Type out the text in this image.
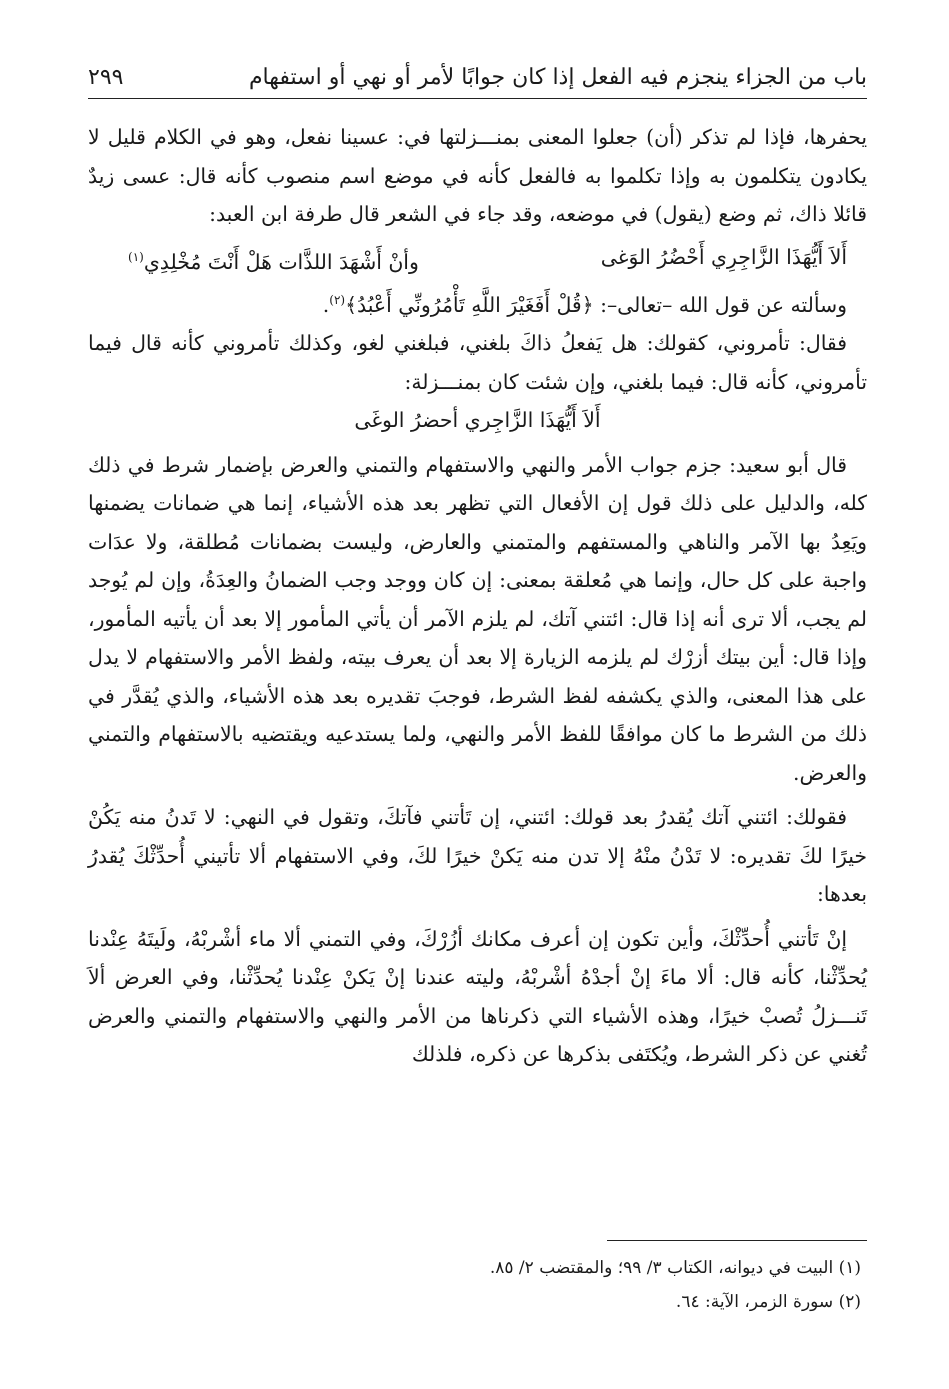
باب من الجزاء ينجزم فيه الفعل إذا كان جوابًا لأمر أو نهي أو استفهام
٢٩٩

يحفرها، فإذا لم تذكر (أن) جعلوا المعنى بمنـــزلتها في: عسينا نفعل، وهو في الكلام قليل لا يكادون يتكلمون به وإذا تكلموا به فالفعل كأنه في موضع اسم منصوب كأنه قال: عسى زيدٌ قائلا ذاك، ثم وضع (يقول) في موضعه، وقد جاء في الشعر قال طرفة ابن العبد:

أَلاَ أَيُّهَذَا الزَّاجِرِي أَحْضُرُ الوَغى
وأنْ أَشْهَدَ اللذَّات هَلْ أَنْتَ مُخْلِدِي$^{(١)}$

وسألته عن قول الله –تعالى–: ﴿قُلْ أَفَغَيْرَ اللَّهِ تَأْمُرُونِّي أَعْبُدُ﴾$^{(٢)}$.

فقال: تأمروني، كقولك: هل يَفعلُ ذاكَ بلغني، فبلغني لغو، وكذلك تأمروني كأنه قال فيما تأمروني، كأنه قال: فيما بلغني، وإن شئت كان بمنـــزلة:

أَلاَ أَيُّهَذَا الزَّاجِري أحضرُ الوغَى

قال أبو سعيد: جزم جواب الأمر والنهي والاستفهام والتمني والعرض بإضمار شرط في ذلك كله، والدليل على ذلك قول إن الأفعال التي تظهر بعد هذه الأشياء، إنما هي ضمانات يضمنها ويَعِدُ بها الآمر والناهي والمستفهم والمتمني والعارض، وليست بضمانات مُطلقة، ولا عدَات واجبة على كل حال، وإنما هي مُعلقة بمعنى: إن كان ووجد وجب الضمانُ والعِدَةُ، وإن لم يُوجد لم يجب، ألا ترى أنه إذا قال: ائتني آتك، لم يلزم الآمر أن يأتي المأمور إلا بعد أن يأتيه المأمور، وإذا قال: أين بيتك أزرْك لم يلزمه الزيارة إلا بعد أن يعرف بيته، ولفظ الأمر والاستفهام لا يدل على هذا المعنى، والذي يكشفه لفظ الشرط، فوجبَ تقديره بعد هذه الأشياء، والذي يُقدَّر في ذلك من الشرط ما كان موافقًا للفظ الأمر والنهي، ولما يستدعيه ويقتضيه بالاستفهام والتمني والعرض.

فقولك: ائتني آتك يُقدرُ بعد قولك: ائتني، إن تَأتني فآتكَ، وتقول في النهي: لا تَدنُ منه يَكُنْ خيرًا لكَ تقديره: لا تَدْنُ منْهُ إلا تدن منه يَكنْ خيرًا لكَ، وفي الاستفهام ألا تأتيني أُحدِّثْكَ يُقدرُ بعدها:

إنْ تَأتني أُحدِّثْكَ، وأين تكون إن أعرف مكانك أزُرْكَ، وفي التمني ألا ماء أشْربْهُ، ولَيتَهُ عِنْدنا يُحدِّثْنا، كأنه قال: ألا ماءَ إنْ أجدْهُ أشْربْهُ، وليته عندنا إنْ يَكنْ عِنْدنا يُحدِّثْنا، وفي العرض ألاَ تَنـــزلُ تُصبْ خيرًا، وهذه الأشياء التي ذكرناها من الأمر والنهي والاستفهام والتمني والعرض تُغني عن ذكر الشرط، ويُكتَفى بذكرها عن ذكره، فلذلك

(١) البيت في ديوانه، الكتاب ٣/ ٩٩؛ والمقتضب ٢/ ٨٥.

(٢) سورة الزمر، الآية: ٦٤.
